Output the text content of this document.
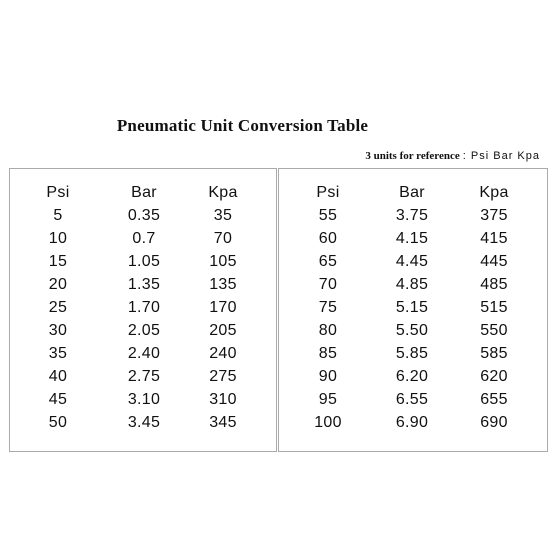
Pneumatic Unit Conversion Table
3 units for reference : Psi Bar Kpa
Psi	Bar	Kpa
5	0.35	35
10	0.7	70
15	1.05	105
20	1.35	135
25	1.70	170
30	2.05	205
35	2.40	240
40	2.75	275
45	3.10	310
50	3.45	345
Psi	Bar	Kpa
55	3.75	375
60	4.15	415
65	4.45	445
70	4.85	485
75	5.15	515
80	5.50	550
85	5.85	585
90	6.20	620
95	6.55	655
100	6.90	690
